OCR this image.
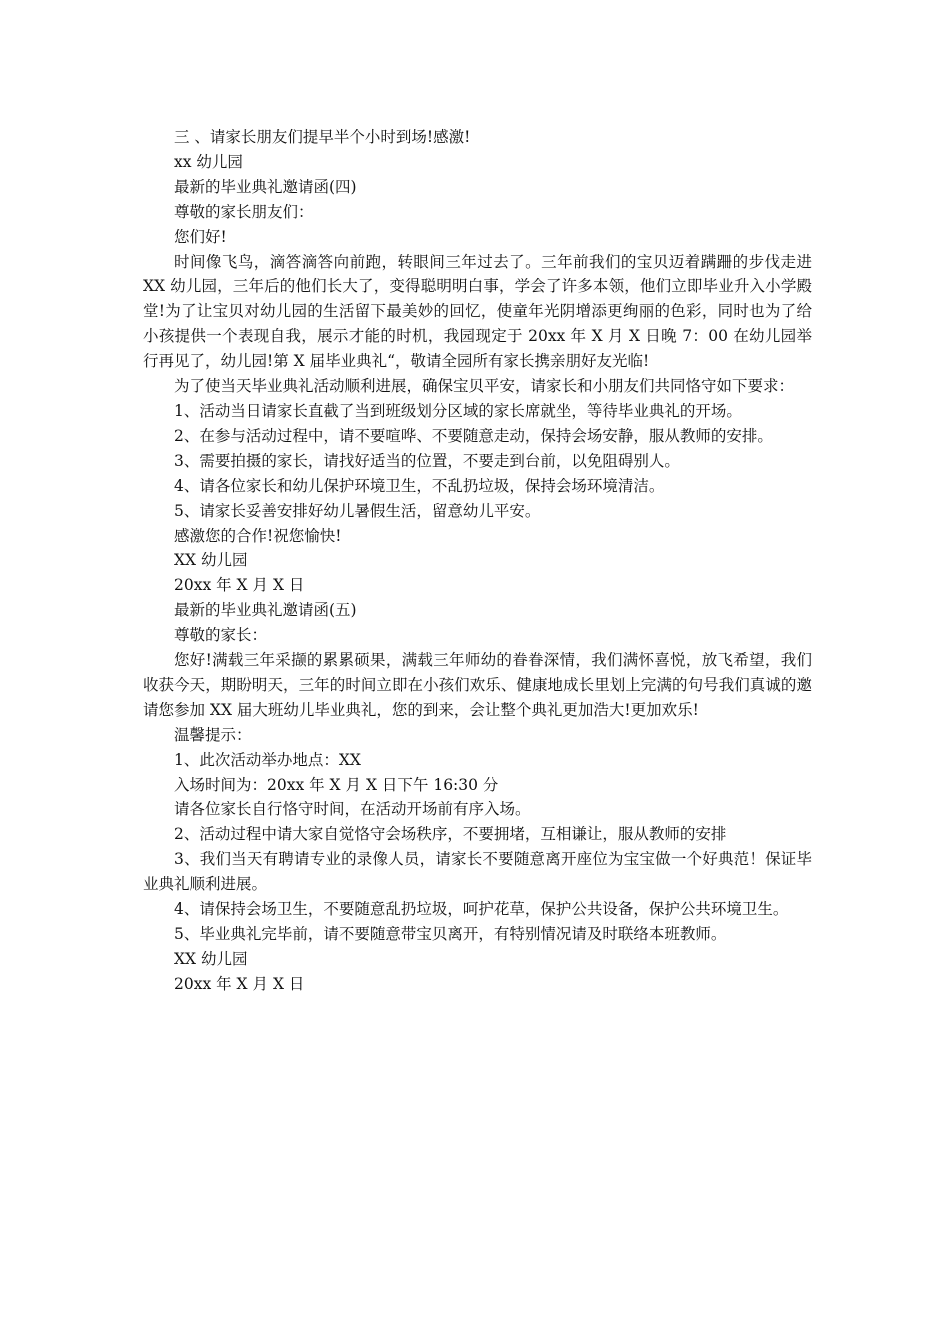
三 、请家长朋友们提早半个小时到场!感激!

xx 幼儿园

最新的毕业典礼邀请函(四)

尊敬的家长朋友们：

您们好!

时间像飞鸟，滴答滴答向前跑，转眼间三年过去了。三年前我们的宝贝迈着蹒跚的步伐走进 XX 幼儿园，三年后的他们长大了，变得聪明明白事，学会了许多本领，他们立即毕业升入小学殿堂!为了让宝贝对幼儿园的生活留下最美妙的回忆，使童年光阴增添更绚丽的色彩，同时也为了给小孩提供一个表现自我，展示才能的时机，我园现定于 20xx 年 X 月 X 日晚 7：00 在幼儿园举行再见了，幼儿园!第 X 届毕业典礼“，敬请全园所有家长携亲朋好友光临!

为了使当天毕业典礼活动顺利进展，确保宝贝平安，请家长和小朋友们共同恪守如下要求：

1、活动当日请家长直截了当到班级划分区域的家长席就坐，等待毕业典礼的开场。

2、在参与活动过程中，请不要喧哗、不要随意走动，保持会场安静，服从教师的安排。

3、需要拍摄的家长，请找好适当的位置，不要走到台前，以免阻碍别人。

4、请各位家长和幼儿保护环境卫生，不乱扔垃圾，保持会场环境清洁。

5、请家长妥善安排好幼儿暑假生活，留意幼儿平安。

感激您的合作!祝您愉快!

XX 幼儿园

20xx 年 X 月 X 日

最新的毕业典礼邀请函(五)

尊敬的家长：

您好!满载三年采撷的累累硕果，满载三年师幼的眷眷深情，我们满怀喜悦，放飞希望，我们收获今天，期盼明天，三年的时间立即在小孩们欢乐、健康地成长里划上完满的句号我们真诚的邀请您参加 XX 届大班幼儿毕业典礼，您的到来，会让整个典礼更加浩大!更加欢乐!

温馨提示：

1、此次活动举办地点：XX

入场时间为：20xx 年 X 月 X 日下午 16:30 分

请各位家长自行恪守时间，在活动开场前有序入场。

2、活动过程中请大家自觉恪守会场秩序，不要拥堵，互相谦让，服从教师的安排

3、我们当天有聘请专业的录像人员，请家长不要随意离开座位为宝宝做一个好典范！保证毕业典礼顺利进展。

4、请保持会场卫生，不要随意乱扔垃圾，呵护花草，保护公共设备，保护公共环境卫生。

5、毕业典礼完毕前，请不要随意带宝贝离开，有特别情况请及时联络本班教师。

XX 幼儿园

20xx 年 X 月 X 日
